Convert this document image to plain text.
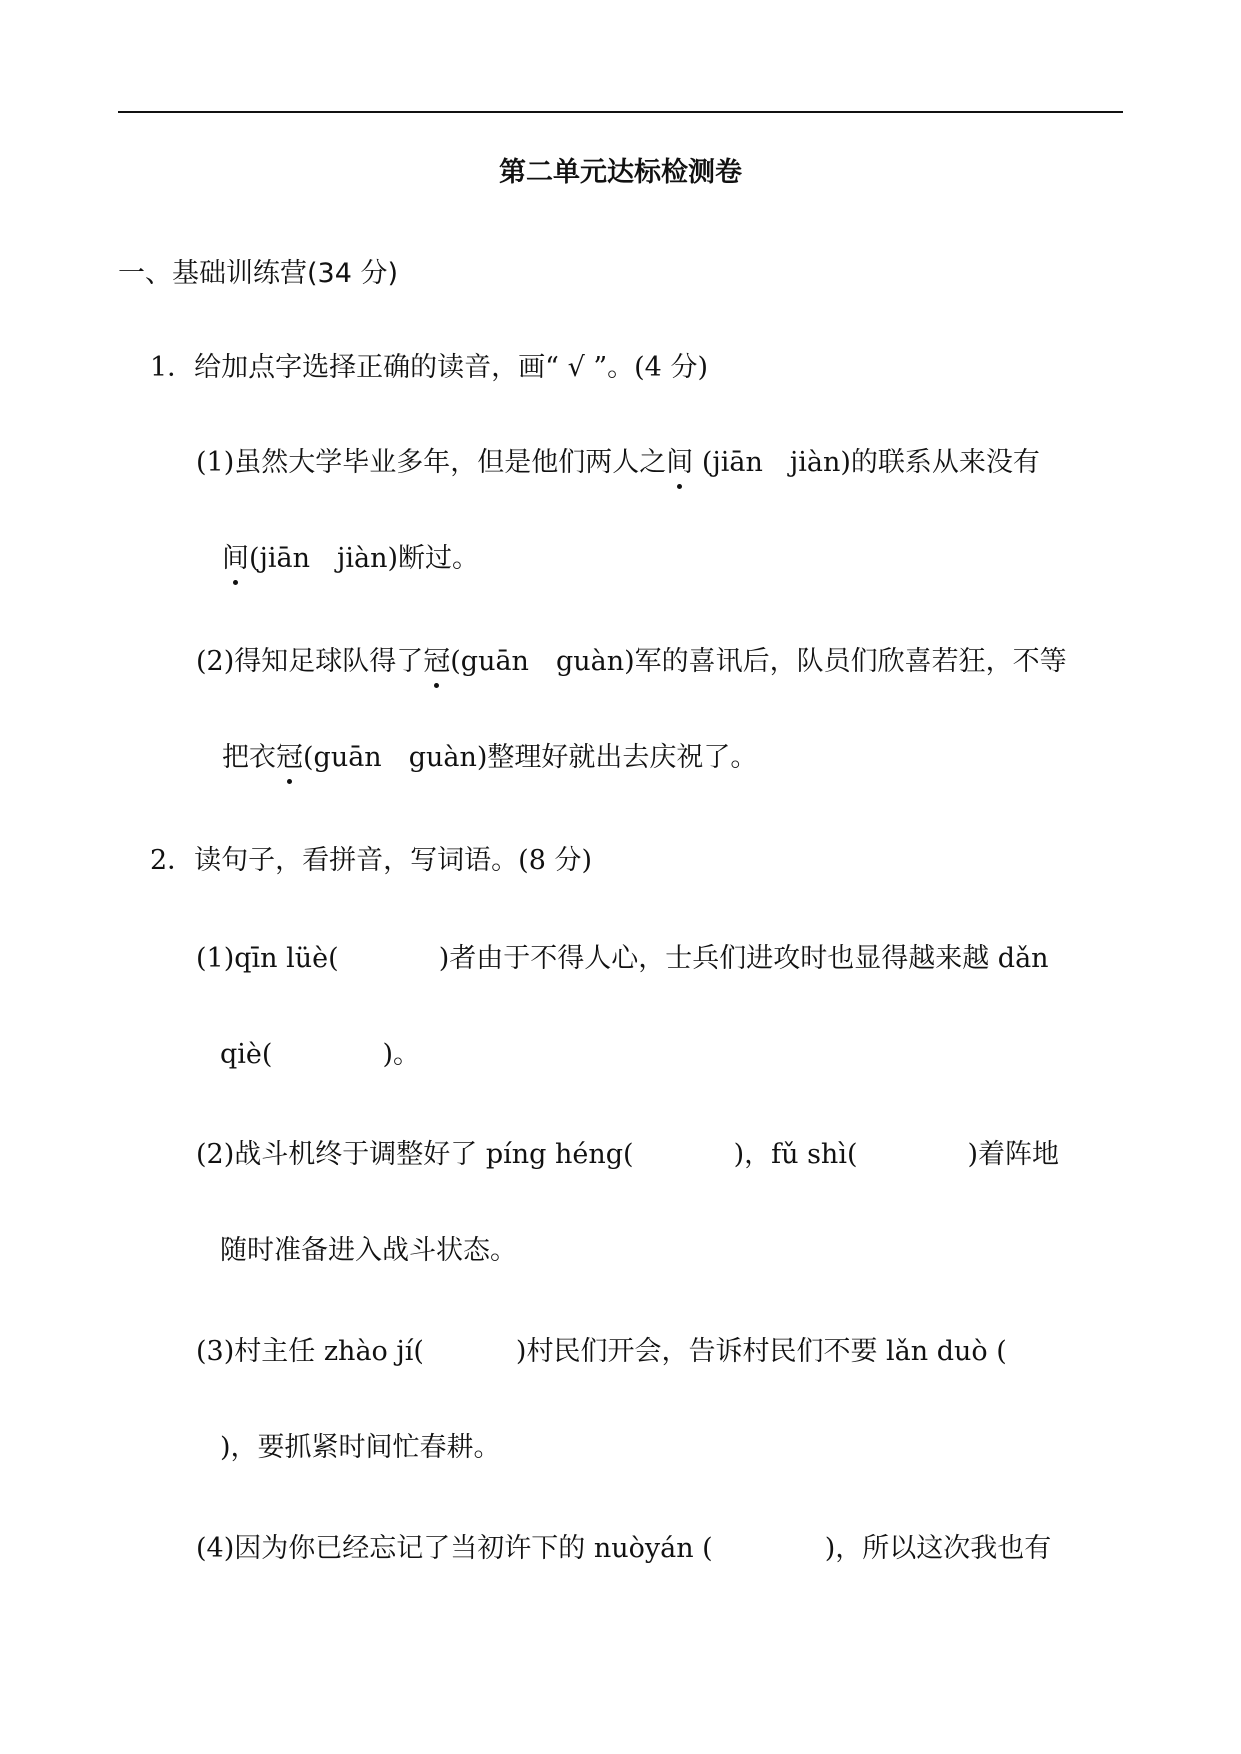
第二单元达标检测卷
一、基础训练营(34 分)
1．给加点字选择正确的读音，画“ √ ”。(4 分)
(1)虽然大学毕业多年，但是他们两人之间 (jiān　jiàn)的联系从来没有
间(jiān　jiàn)断过。
(2)得知足球队得了冠(guān　guàn)军的喜讯后，队员们欣喜若狂，不等
把衣冠(guān　guàn)整理好就出去庆祝了。
2．读句子，看拼音，写词语。(8 分)
(1)qīn lüè(	)者由于不得人心，士兵们进攻时也显得越来越 dǎn
qiè(	)。
(2)战斗机终于调整好了 píng héng(	)，fǔ shì(	)着阵地
随时准备进入战斗状态。
(3)村主任 zhào jí(	)村民们开会，告诉村民们不要 lǎn duò (
)，要抓紧时间忙春耕。
(4)因为你已经忘记了当初许下的 nuòyán (	)，所以这次我也有
